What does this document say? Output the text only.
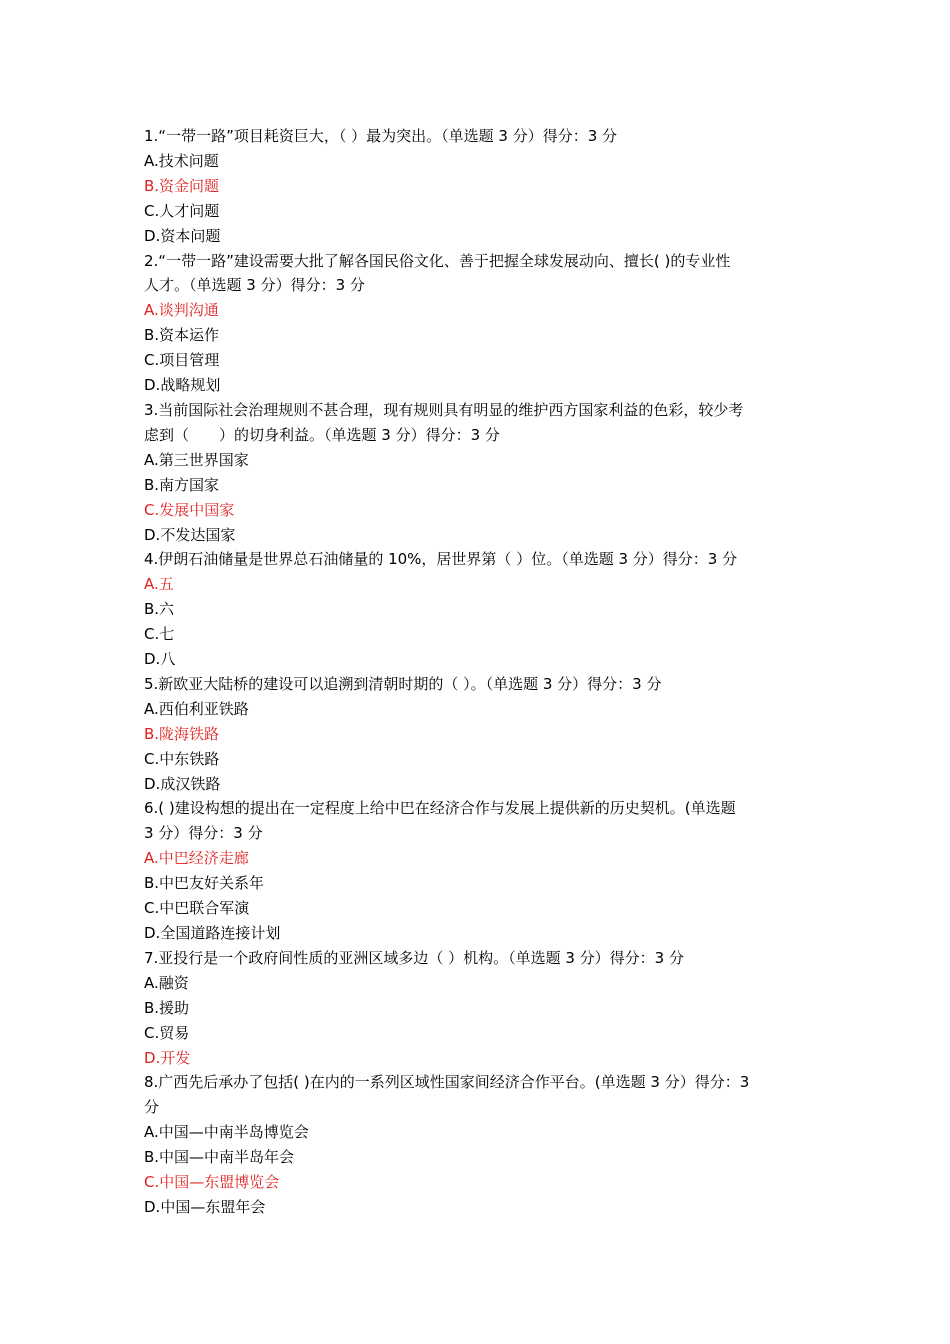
1.“一带一路”项目耗资巨大，（ ）最为突出。（单选题 3 分）得分：3 分
A.技术问题
B.资金问题
C.人才问题
D.资本问题
2.“一带一路”建设需要大批了解各国民俗文化、善于把握全球发展动向、擅长( )的专业性
人才。（单选题 3 分）得分：3 分
A.谈判沟通
B.资本运作
C.项目管理
D.战略规划
3.当前国际社会治理规则不甚合理，现有规则具有明显的维护西方国家利益的色彩，较少考
虑到（　　）的切身利益。（单选题 3 分）得分：3 分
A.第三世界国家
B.南方国家
C.发展中国家
D.不发达国家
4.伊朗石油储量是世界总石油储量的 10%，居世界第（ ）位。（单选题 3 分）得分：3 分
A.五
B.六
C.七
D.八
5.新欧亚大陆桥的建设可以追溯到清朝时期的（ ）。（单选题 3 分）得分：3 分
A.西伯利亚铁路
B.陇海铁路
C.中东铁路
D.成汉铁路
6.( )建设构想的提出在一定程度上给中巴在经济合作与发展上提供新的历史契机。(单选题
3 分）得分：3 分
A.中巴经济走廊
B.中巴友好关系年
C.中巴联合军演
D.全国道路连接计划
7.亚投行是一个政府间性质的亚洲区域多边（ ）机构。（单选题 3 分）得分：3 分
A.融资
B.援助
C.贸易
D.开发
8.广西先后承办了包括( )在内的一系列区域性国家间经济合作平台。(单选题 3 分）得分：3
分
A.中国—中南半岛博览会
B.中国—中南半岛年会
C.中国—东盟博览会
D.中国—东盟年会
